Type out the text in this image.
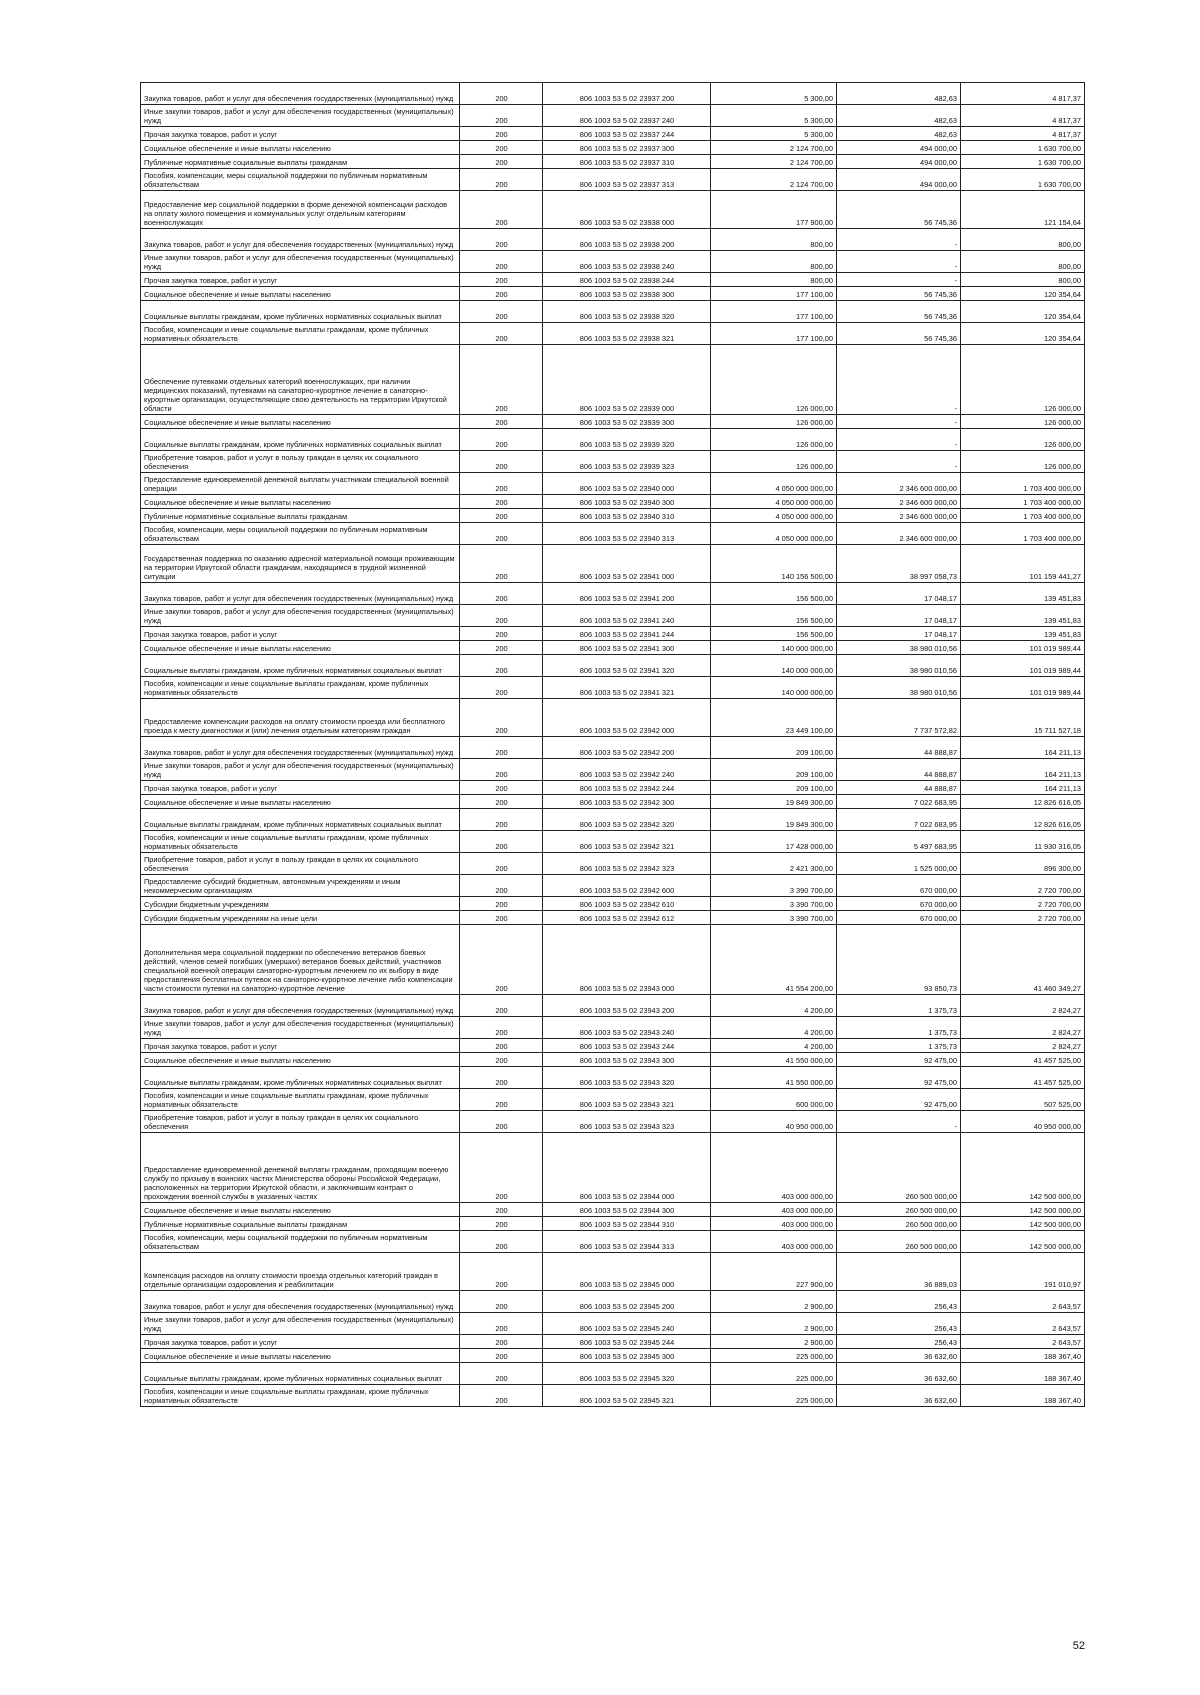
Закупка товаров, работ и услуг для обеспечения государственных (муниципальных) нужд	200	806 1003 53 5 02 23937 200	5 300,00	482,63	4 817,37
Иные закупки товаров, работ и услуг для обеспечения государственных (муниципальных) нужд	200	806 1003 53 5 02 23937 240	5 300,00	482,63	4 817,37
Прочая закупка товаров, работ и услуг	200	806 1003 53 5 02 23937 244	5 300,00	482,63	4 817,37
Социальное обеспечение и иные выплаты населению	200	806 1003 53 5 02 23937 300	2 124 700,00	494 000,00	1 630 700,00
Публичные нормативные социальные выплаты гражданам	200	806 1003 53 5 02 23937 310	2 124 700,00	494 000,00	1 630 700,00
Пособия, компенсации, меры социальной поддержки по публичным нормативным обязательствам	200	806 1003 53 5 02 23937 313	2 124 700,00	494 000,00	1 630 700,00
Предоставление мер социальной поддержки в форме денежной компенсации расходов на оплату жилого помещения и коммунальных услуг отдельным категориям военнослужащих	200	806 1003 53 5 02 23938 000	177 900,00	56 745,36	121 154,64
Закупка товаров, работ и услуг для обеспечения государственных (муниципальных) нужд	200	806 1003 53 5 02 23938 200	800,00	-	800,00
Иные закупки товаров, работ и услуг для обеспечения государственных (муниципальных) нужд	200	806 1003 53 5 02 23938 240	800,00	-	800,00
Прочая закупка товаров, работ и услуг	200	806 1003 53 5 02 23938 244	800,00	-	800,00
Социальное обеспечение и иные выплаты населению	200	806 1003 53 5 02 23938 300	177 100,00	56 745,36	120 354,64
Социальные выплаты гражданам, кроме публичных нормативных социальных выплат	200	806 1003 53 5 02 23938 320	177 100,00	56 745,36	120 354,64
Пособия, компенсации и иные социальные выплаты гражданам, кроме публичных нормативных обязательств	200	806 1003 53 5 02 23938 321	177 100,00	56 745,36	120 354,64
Обеспечение путевками отдельных категорий военнослужащих, при наличии медицинских показаний, путевками на санаторно-курортное лечение в санаторно-курортные организации, осуществляющие свою деятельность на территории Иркутской области	200	806 1003 53 5 02 23939 000	126 000,00	-	126 000,00
Социальное обеспечение и иные выплаты населению	200	806 1003 53 5 02 23939 300	126 000,00	-	126 000,00
Социальные выплаты гражданам, кроме публичных нормативных социальных выплат	200	806 1003 53 5 02 23939 320	126 000,00	-	126 000,00
Приобретение товаров, работ и услуг в пользу граждан в целях их социального обеспечения	200	806 1003 53 5 02 23939 323	126 000,00	-	126 000,00
Предоставление единовременной денежной выплаты участникам специальной военной операции	200	806 1003 53 5 02 23940 000	4 050 000 000,00	2 346 600 000,00	1 703 400 000,00
Социальное обеспечение и иные выплаты населению	200	806 1003 53 5 02 23940 300	4 050 000 000,00	2 346 600 000,00	1 703 400 000,00
Публичные нормативные социальные выплаты гражданам	200	806 1003 53 5 02 23940 310	4 050 000 000,00	2 346 600 000,00	1 703 400 000,00
Пособия, компенсации, меры социальной поддержки по публичным нормативным обязательствам	200	806 1003 53 5 02 23940 313	4 050 000 000,00	2 346 600 000,00	1 703 400 000,00
Государственная поддержка по оказанию адресной материальной помощи проживающим на территории Иркутской области гражданам, находящимся в трудной жизненной ситуации	200	806 1003 53 5 02 23941 000	140 156 500,00	38 997 058,73	101 159 441,27
Закупка товаров, работ и услуг для обеспечения государственных (муниципальных) нужд	200	806 1003 53 5 02 23941 200	156 500,00	17 048,17	139 451,83
Иные закупки товаров, работ и услуг для обеспечения государственных (муниципальных) нужд	200	806 1003 53 5 02 23941 240	156 500,00	17 048,17	139 451,83
Прочая закупка товаров, работ и услуг	200	806 1003 53 5 02 23941 244	156 500,00	17 048,17	139 451,83
Социальное обеспечение и иные выплаты населению	200	806 1003 53 5 02 23941 300	140 000 000,00	38 980 010,56	101 019 989,44
Социальные выплаты гражданам, кроме публичных нормативных социальных выплат	200	806 1003 53 5 02 23941 320	140 000 000,00	38 980 010,56	101 019 989,44
Пособия, компенсации и иные социальные выплаты гражданам, кроме публичных нормативных обязательств	200	806 1003 53 5 02 23941 321	140 000 000,00	38 980 010,56	101 019 989,44
Предоставление компенсации расходов на оплату стоимости проезда или бесплатного проезда к месту диагностики и (или) лечения отдельным категориям граждан	200	806 1003 53 5 02 23942 000	23 449 100,00	7 737 572,82	15 711 527,18
Закупка товаров, работ и услуг для обеспечения государственных (муниципальных) нужд	200	806 1003 53 5 02 23942 200	209 100,00	44 888,87	164 211,13
Иные закупки товаров, работ и услуг для обеспечения государственных (муниципальных) нужд	200	806 1003 53 5 02 23942 240	209 100,00	44 888,87	164 211,13
Прочая закупка товаров, работ и услуг	200	806 1003 53 5 02 23942 244	209 100,00	44 888,87	164 211,13
Социальное обеспечение и иные выплаты населению	200	806 1003 53 5 02 23942 300	19 849 300,00	7 022 683,95	12 826 616,05
Социальные выплаты гражданам, кроме публичных нормативных социальных выплат	200	806 1003 53 5 02 23942 320	19 849 300,00	7 022 683,95	12 826 616,05
Пособия, компенсации и иные социальные выплаты гражданам, кроме публичных нормативных обязательств	200	806 1003 53 5 02 23942 321	17 428 000,00	5 497 683,95	11 930 316,05
Приобретение товаров, работ и услуг в пользу граждан в целях их социального обеспечения	200	806 1003 53 5 02 23942 323	2 421 300,00	1 525 000,00	896 300,00
Предоставление субсидий бюджетным, автономным учреждениям и иным некоммерческим организациям	200	806 1003 53 5 02 23942 600	3 390 700,00	670 000,00	2 720 700,00
Субсидии бюджетным учреждениям	200	806 1003 53 5 02 23942 610	3 390 700,00	670 000,00	2 720 700,00
Субсидии бюджетным учреждениям на иные цели	200	806 1003 53 5 02 23942 612	3 390 700,00	670 000,00	2 720 700,00
Дополнительная мера социальной поддержки по обеспечению ветеранов боевых действий, членов семей погибших (умерших) ветеранов боевых действий, участников специальной военной операции санаторно-курортным лечением по их выбору в виде предоставления бесплатных путевок на санаторно-курортное лечение либо компенсации части стоимости путевки на санаторно-курортное лечение	200	806 1003 53 5 02 23943 000	41 554 200,00	93 850,73	41 460 349,27
Закупка товаров, работ и услуг для обеспечения государственных (муниципальных) нужд	200	806 1003 53 5 02 23943 200	4 200,00	1 375,73	2 824,27
Иные закупки товаров, работ и услуг для обеспечения государственных (муниципальных) нужд	200	806 1003 53 5 02 23943 240	4 200,00	1 375,73	2 824,27
Прочая закупка товаров, работ и услуг	200	806 1003 53 5 02 23943 244	4 200,00	1 375,73	2 824,27
Социальное обеспечение и иные выплаты населению	200	806 1003 53 5 02 23943 300	41 550 000,00	92 475,00	41 457 525,00
Социальные выплаты гражданам, кроме публичных нормативных социальных выплат	200	806 1003 53 5 02 23943 320	41 550 000,00	92 475,00	41 457 525,00
Пособия, компенсации и иные социальные выплаты гражданам, кроме публичных нормативных обязательств	200	806 1003 53 5 02 23943 321	600 000,00	92 475,00	507 525,00
Приобретение товаров, работ и услуг в пользу граждан в целях их социального обеспечения	200	806 1003 53 5 02 23943 323	40 950 000,00	-	40 950 000,00
Предоставление единовременной денежной выплаты гражданам, проходящим военную службу по призыву в воинских частях Министерства обороны Российской Федерации, расположенных на территории Иркутской области, и заключившим контракт о прохождении военной службы в указанных частях	200	806 1003 53 5 02 23944 000	403 000 000,00	260 500 000,00	142 500 000,00
Социальное обеспечение и иные выплаты населению	200	806 1003 53 5 02 23944 300	403 000 000,00	260 500 000,00	142 500 000,00
Публичные нормативные социальные выплаты гражданам	200	806 1003 53 5 02 23944 310	403 000 000,00	260 500 000,00	142 500 000,00
Пособия, компенсации, меры социальной поддержки по публичным нормативным обязательствам	200	806 1003 53 5 02 23944 313	403 000 000,00	260 500 000,00	142 500 000,00
Компенсация расходов на оплату стоимости проезда отдельных категорий граждан в отдельные организации оздоровления и реабилитации	200	806 1003 53 5 02 23945 000	227 900,00	36 889,03	191 010,97
Закупка товаров, работ и услуг для обеспечения государственных (муниципальных) нужд	200	806 1003 53 5 02 23945 200	2 900,00	256,43	2 643,57
Иные закупки товаров, работ и услуг для обеспечения государственных (муниципальных) нужд	200	806 1003 53 5 02 23945 240	2 900,00	256,43	2 643,57
Прочая закупка товаров, работ и услуг	200	806 1003 53 5 02 23945 244	2 900,00	256,43	2 643,57
Социальное обеспечение и иные выплаты населению	200	806 1003 53 5 02 23945 300	225 000,00	36 632,60	188 367,40
Социальные выплаты гражданам, кроме публичных нормативных социальных выплат	200	806 1003 53 5 02 23945 320	225 000,00	36 632,60	188 367,40
Пособия, компенсации и иные социальные выплаты гражданам, кроме публичных нормативных обязательств	200	806 1003 53 5 02 23945 321	225 000,00	36 632,60	188 367,40
52
